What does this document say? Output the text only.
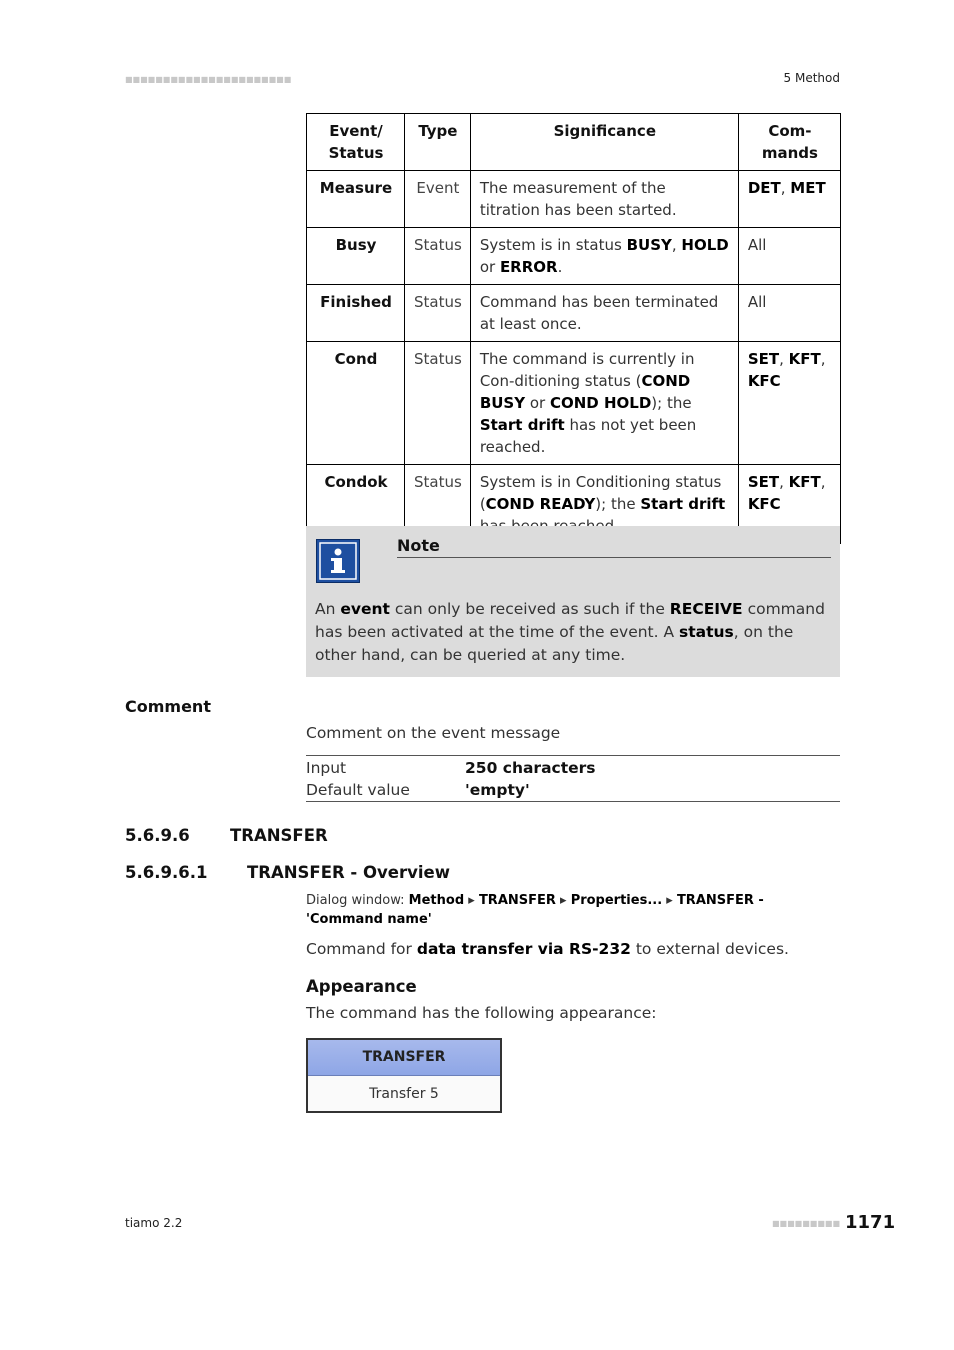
■■■■■■■■■■■■■■■■■■■■■■	5 Method
Event/ Status	Type	Significance	Com- mands
Measure	Event	The measurement of the titration has been started.	DET, MET
Busy	Status	System is in status BUSY, HOLD or ERROR.	All
Finished	Status	Command has been terminated at least once.	All
Cond	Status	The command is currently in Con-ditioning status (COND BUSY or COND HOLD); the Start drift has not yet been reached.	SET, KFT, KFC
Condok	Status	System is in Conditioning status (COND READY); the Start drift	SET, KFT, KFC
Note
An event can only be received as such if the RECEIVE command has been activated at the time of the event. A status, on the other hand, can be queried at any time.
Comment
Comment on the event message
Input	250 characters
Default value	'empty'
5.6.9.6 TRANSFER
5.6.9.6.1 TRANSFER - Overview
Dialog window: Method ▸ TRANSFER ▸ Properties... ▸ TRANSFER - 'Command name'
Command for data transfer via RS-232 to external devices.
Appearance
The command has the following appearance:
TRANSFER
Transfer 5
tiamo 2.2	■■■■■■■■■ 1171
